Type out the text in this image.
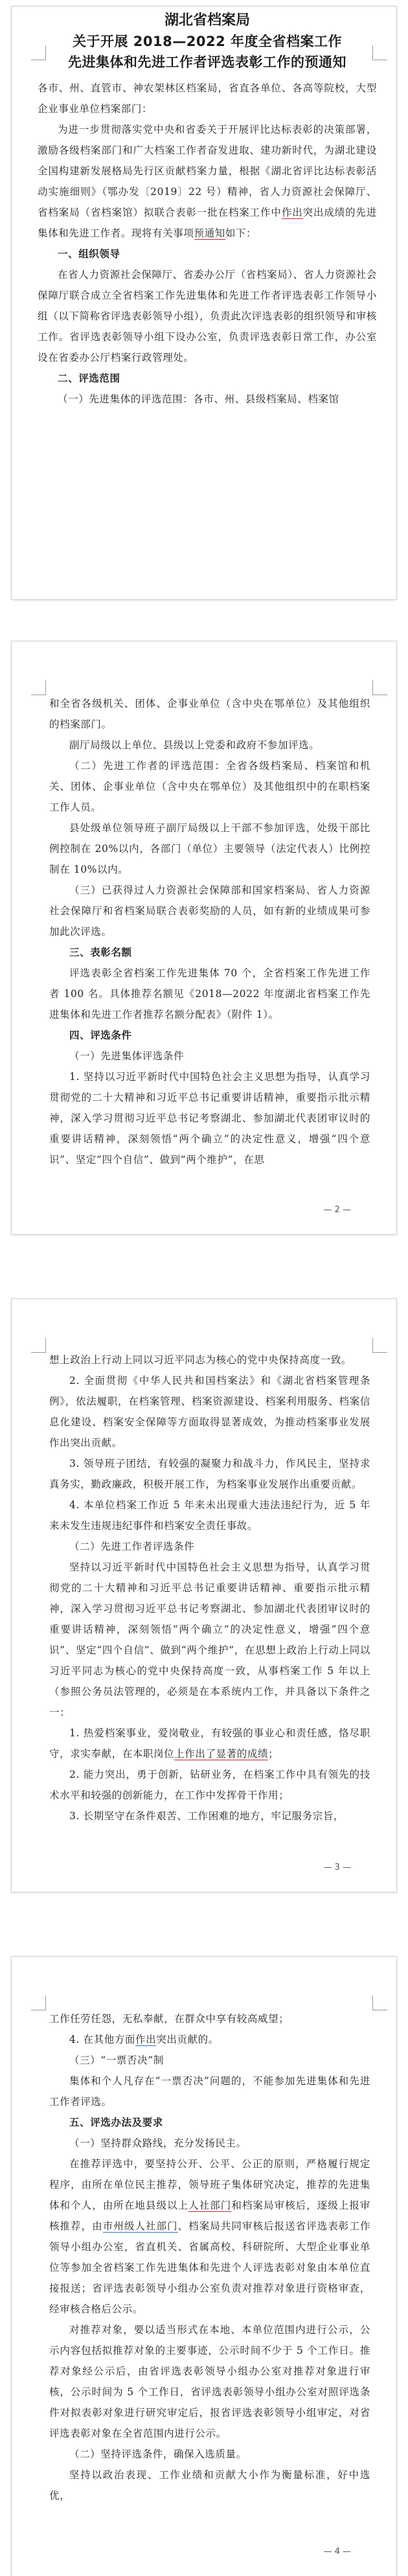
湖北省档案局
关于开展 2018—2022 年度全省档案工作
先进集体和先进工作者评选表彰工作的预通知

各市、州、直管市、神农架林区档案局，省直各单位、各高等院校，大型企业事业单位档案部门：

为进一步贯彻落实党中央和省委关于开展评比达标表彰的决策部署，激励各级档案部门和广大档案工作者奋发进取、建功新时代，为湖北建设全国构建新发展格局先行区贡献档案力量，根据《湖北省评比达标表彰活动实施细则》（鄂办发〔2019〕22 号）精神，省人力资源社会保障厅、省档案局（省档案馆）拟联合表彰一批在档案工作中作出突出成绩的先进集体和先进工作者。现将有关事项预通知如下：

一、组织领导

在省人力资源社会保障厅、省委办公厅（省档案局）、省人力资源社会保障厅联合成立全省档案工作先进集体和先进工作者评选表彰工作领导小组（以下简称省评选表彰领导小组），负责此次评选表彰的组织领导和审核工作。省评选表彰领导小组下设办公室，负责评选表彰日常工作，办公室设在省委办公厅档案行政管理处。

二、评选范围

（一）先进集体的评选范围：各市、州、县级档案局、档案馆

和全省各级机关、团体、企事业单位（含中央在鄂单位）及其他组织的档案部门。

副厅局级以上单位、县级以上党委和政府不参加评选。

（二）先进工作者的评选范围：全省各级档案局、档案馆和机关、团体、企事业单位（含中央在鄂单位）及其他组织中的在职档案工作人员。

县处级单位领导班子副厅局级以上干部不参加评选，处级干部比例控制在 20%以内，各部门（单位）主要领导（法定代表人）比例控制在 10%以内。

（三）已获得过人力资源社会保障部和国家档案局、省人力资源社会保障厅和省档案局联合表彰奖励的人员，如有新的业绩成果可参加此次评选。

三、表彰名额

评选表彰全省档案工作先进集体 70 个，全省档案工作先进工作者 100 名。具体推荐名额见《2018—2022 年度湖北省档案工作先进集体和先进工作者推荐名额分配表》（附件 1）。

四、评选条件
（一）先进集体评选条件

1. 坚持以习近平新时代中国特色社会主义思想为指导，认真学习贯彻党的二十大精神和习近平总书记重要讲话精神，重要指示批示精神，深入学习贯彻习近平总书记考察湖北、参加湖北代表团审议时的重要讲话精神，深刻领悟“两个确立”的决定性意义，增强“四个意识”、坚定“四个自信”、做到“两个维护”，在思

— 2 —

想上政治上行动上同以习近平同志为核心的党中央保持高度一致。

2. 全面贯彻《中华人民共和国档案法》和《湖北省档案管理条例》，依法履职，在档案管理、档案资源建设、档案利用服务、档案信息化建设、档案安全保障等方面取得显著成效，为推动档案事业发展作出突出贡献。

3. 领导班子团结，有较强的凝聚力和战斗力，作风民主，坚持求真务实，勤政廉政，积极开展工作，为档案事业发展作出重要贡献。

4. 本单位档案工作近 5 年来未出现重大违法违纪行为，近 5 年来未发生违规违纪事件和档案安全责任事故。

（二）先进工作者评选条件

坚持以习近平新时代中国特色社会主义思想为指导，认真学习贯彻党的二十大精神和习近平总书记重要讲话精神、重要指示批示精神，深入学习贯彻习近平总书记考察湖北、参加湖北代表团审议时的重要讲话精神，深刻领悟“两个确立”的决定性意义，增强“四个意识”、坚定“四个自信”、做到“两个维护”，在思想上政治上行动上同以习近平同志为核心的党中央保持高度一致，从事档案工作 5 年以上（参照公务员法管理的，必须是在本系统内工作，并具备以下条件之一：

1. 热爱档案事业，爱岗敬业，有较强的事业心和责任感，恪尽职守，求实奉献，在本职岗位上作出了显著的成绩；

2. 能力突出，勇于创新，钻研业务，在档案工作中具有领先的技术水平和较强的创新能力，在工作中发挥骨干作用；

3. 长期坚守在条件艰苦、工作困难的地方，牢记服务宗旨，

— 3 —

工作任劳任怨，无私奉献，在群众中享有较高威望；

4. 在其他方面作出突出贡献的。

（三）“一票否决”制

集体和个人凡存在“一票否决”问题的，不能参加先进集体和先进工作者评选。

五、评选办法及要求

（一）坚持群众路线，充分发扬民主。

在推荐评选中，要坚持公开、公平、公正的原则，严格履行规定程序，由所在单位民主推荐，领导班子集体研究决定，推荐的先进集体和个人，由所在地县级以上人社部门和档案局审核后，逐级上报审核推荐，由市州级人社部门、档案局共同审核后报送省评选表彰工作领导小组办公室，省直机关、省属高校、科研院所、大型企业事业单位等参加全省档案工作先进集体和先进个人评选表彰对象由本单位直接报送；省评选表彰领导小组办公室负责对推荐对象进行资格审查，经审核合格后公示。

对推荐对象，要以适当形式在本地、本单位范围内进行公示，公示内容包括拟推荐对象的主要事迹，公示时间不少于 5 个工作日。推荐对象经公示后，由省评选表彰领导小组办公室对推荐对象进行审核，公示时间为 5 个工作日，省评选表彰领导小组办公室对照评选条件对拟表彰对象进行研究审定后，报省评选表彰领导小组审定，对省评选表彰对象在全省范围内进行公示。

（二）坚持评选条件，确保入选质量。

坚持以政治表现、工作业绩和贡献大小作为衡量标准，好中选优，

— 4 —
